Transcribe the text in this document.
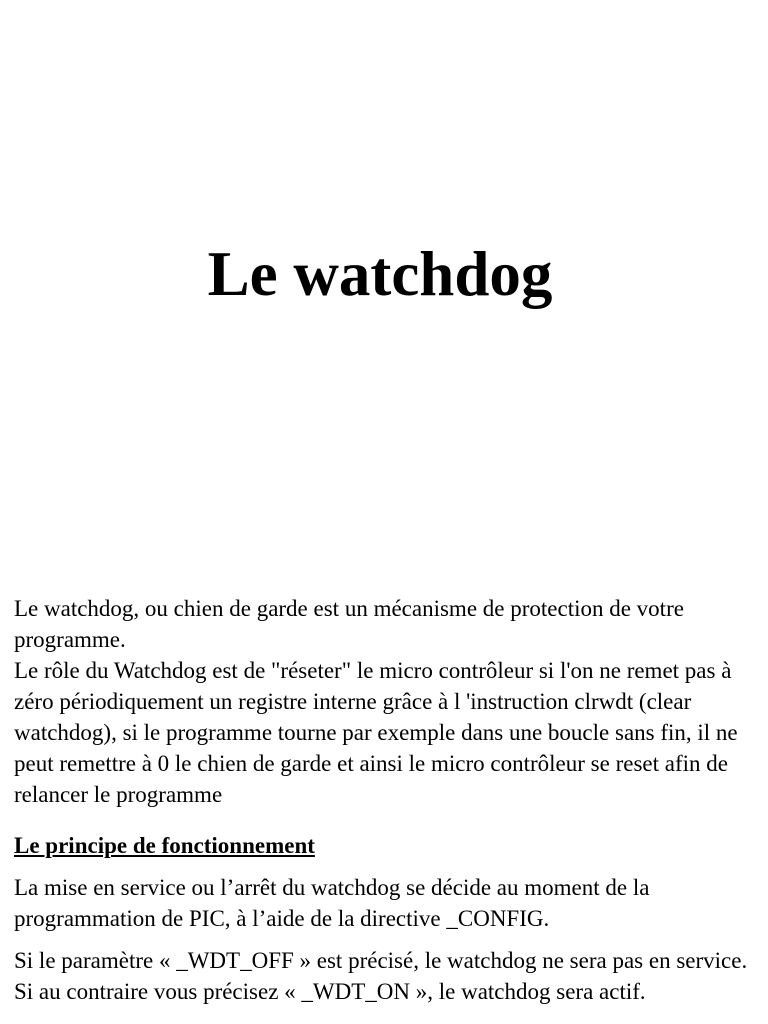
Le watchdog

Le watchdog, ou chien de garde est un mécanisme de protection de votre programme.

Le rôle du Watchdog est de "réseter" le micro contrôleur si l'on ne remet pas à zéro périodiquement un registre interne grâce à l 'instruction clrwdt (clear watchdog), si le programme tourne par exemple dans une boucle sans fin, il ne peut remettre à 0 le chien de garde et ainsi le micro contrôleur se reset afin de relancer le programme

Le principe de fonctionnement

La mise en service ou l’arrêt du watchdog se décide au moment de la programmation de PIC, à l’aide de la directive _CONFIG.

Si le paramètre « _WDT_OFF » est précisé, le watchdog ne sera pas en service. Si au contraire vous précisez « _WDT_ON », le watchdog sera actif.
